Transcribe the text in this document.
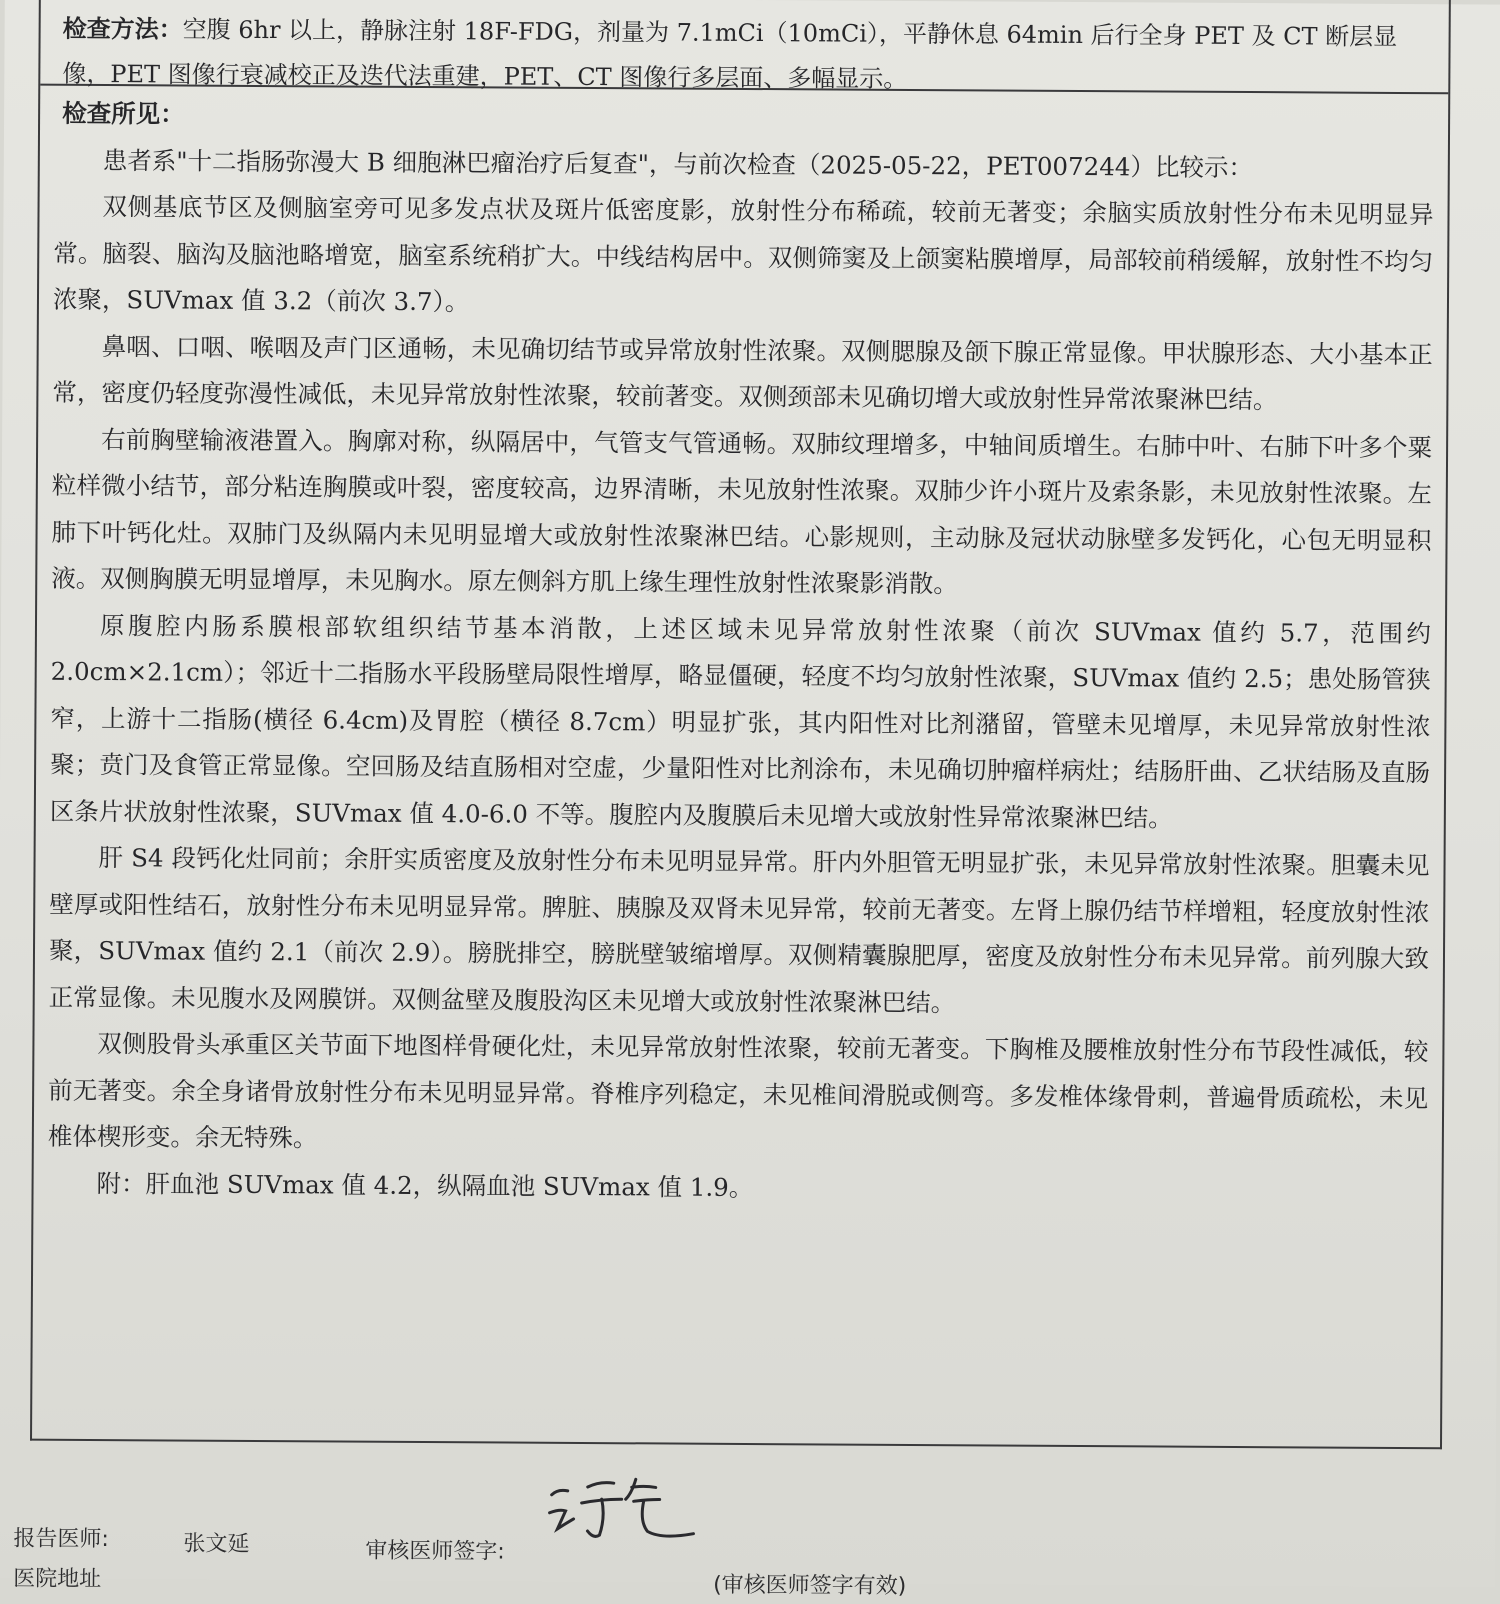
检查方法：空腹 6hr 以上，静脉注射 18F-FDG，剂量为 7.1mCi（10mCi），平静休息 64min 后行全身 PET 及 CT 断层显像，PET 图像行衰减校正及迭代法重建，PET、CT 图像行多层面、多幅显示。
检查所见：

患者系"十二指肠弥漫大 B 细胞淋巴瘤治疗后复查"，与前次检查（2025-05-22，PET007244）比较示：

双侧基底节区及侧脑室旁可见多发点状及斑片低密度影，放射性分布稀疏，较前无著变；余脑实质放射性分布未见明显异常。脑裂、脑沟及脑池略增宽，脑室系统稍扩大。中线结构居中。双侧筛窦及上颌窦粘膜增厚，局部较前稍缓解，放射性不均匀浓聚，SUVmax 值 3.2（前次 3.7）。

鼻咽、口咽、喉咽及声门区通畅，未见确切结节或异常放射性浓聚。双侧腮腺及颌下腺正常显像。甲状腺形态、大小基本正常，密度仍轻度弥漫性减低，未见异常放射性浓聚，较前著变。双侧颈部未见确切增大或放射性异常浓聚淋巴结。

右前胸壁输液港置入。胸廓对称，纵隔居中，气管支气管通畅。双肺纹理增多，中轴间质增生。右肺中叶、右肺下叶多个粟粒样微小结节，部分粘连胸膜或叶裂，密度较高，边界清晰，未见放射性浓聚。双肺少许小斑片及索条影，未见放射性浓聚。左肺下叶钙化灶。双肺门及纵隔内未见明显增大或放射性浓聚淋巴结。心影规则，主动脉及冠状动脉壁多发钙化，心包无明显积液。双侧胸膜无明显增厚，未见胸水。原左侧斜方肌上缘生理性放射性浓聚影消散。

原腹腔内肠系膜根部软组织结节基本消散，上述区域未见异常放射性浓聚（前次 SUVmax 值约 5.7，范围约 2.0cm×2.1cm）；邻近十二指肠水平段肠壁局限性增厚，略显僵硬，轻度不均匀放射性浓聚，SUVmax 值约 2.5；患处肠管狭窄，上游十二指肠(横径 6.4cm)及胃腔（横径 8.7cm）明显扩张，其内阳性对比剂潴留，管壁未见增厚，未见异常放射性浓聚；贲门及食管正常显像。空回肠及结直肠相对空虚，少量阳性对比剂涂布，未见确切肿瘤样病灶；结肠肝曲、乙状结肠及直肠区条片状放射性浓聚，SUVmax 值 4.0-6.0 不等。腹腔内及腹膜后未见增大或放射性异常浓聚淋巴结。

肝 S4 段钙化灶同前；余肝实质密度及放射性分布未见明显异常。肝内外胆管无明显扩张，未见异常放射性浓聚。胆囊未见壁厚或阳性结石，放射性分布未见明显异常。脾脏、胰腺及双肾未见异常，较前无著变。左肾上腺仍结节样增粗，轻度放射性浓聚，SUVmax 值约 2.1（前次 2.9）。膀胱排空，膀胱壁皱缩增厚。双侧精囊腺肥厚，密度及放射性分布未见异常。前列腺大致正常显像。未见腹水及网膜饼。双侧盆壁及腹股沟区未见增大或放射性浓聚淋巴结。

双侧股骨头承重区关节面下地图样骨硬化灶，未见异常放射性浓聚，较前无著变。下胸椎及腰椎放射性分布节段性减低，较前无著变。余全身诸骨放射性分布未见明显异常。脊椎序列稳定，未见椎间滑脱或侧弯。多发椎体缘骨刺，普遍骨质疏松，未见椎体楔形变。余无特殊。

附：肝血池 SUVmax 值 4.2，纵隔血池 SUVmax 值 1.9。

报告医师:	张文延	审核医师签字:
医院地址	(审核医师签字有效)
